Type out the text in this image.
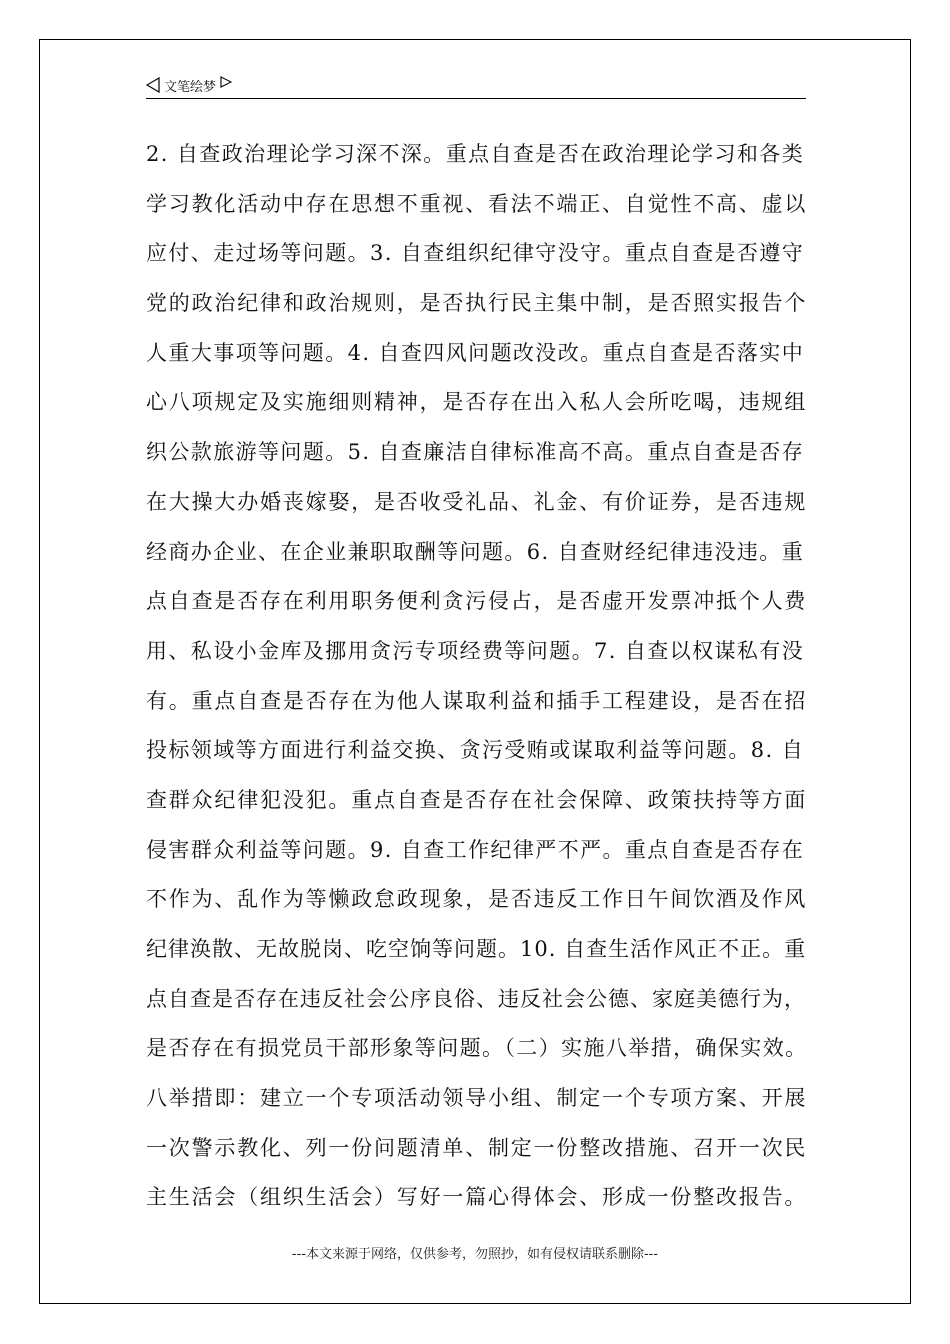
文笔绘梦
2. 自查政治理论学习深不深。重点自查是否在政治理论学习和各类
学习教化活动中存在思想不重视、看法不端正、自觉性不高、虚以
应付、走过场等问题。3. 自查组织纪律守没守。重点自查是否遵守
党的政治纪律和政治规则，是否执行民主集中制，是否照实报告个
人重大事项等问题。4. 自查四风问题改没改。重点自查是否落实中
心八项规定及实施细则精神，是否存在出入私人会所吃喝，违规组
织公款旅游等问题。5. 自查廉洁自律标准高不高。重点自查是否存
在大操大办婚丧嫁娶，是否收受礼品、礼金、有价证券，是否违规
经商办企业、在企业兼职取酬等问题。6. 自查财经纪律违没违。重
点自查是否存在利用职务便利贪污侵占，是否虚开发票冲抵个人费
用、私设小金库及挪用贪污专项经费等问题。7. 自查以权谋私有没
有。重点自查是否存在为他人谋取利益和插手工程建设，是否在招
投标领域等方面进行利益交换、贪污受贿或谋取利益等问题。8. 自
查群众纪律犯没犯。重点自查是否存在社会保障、政策扶持等方面
侵害群众利益等问题。9. 自查工作纪律严不严。重点自查是否存在
不作为、乱作为等懒政怠政现象，是否违反工作日午间饮酒及作风
纪律涣散、无故脱岗、吃空饷等问题。10. 自查生活作风正不正。重
点自查是否存在违反社会公序良俗、违反社会公德、家庭美德行为，
是否存在有损党员干部形象等问题。（二）实施八举措，确保实效。
八举措即：建立一个专项活动领导小组、制定一个专项方案、开展
一次警示教化、列一份问题清单、制定一份整改措施、召开一次民
主生活会（组织生活会）写好一篇心得体会、形成一份整改报告。
---本文来源于网络，仅供参考，勿照抄，如有侵权请联系删除---
